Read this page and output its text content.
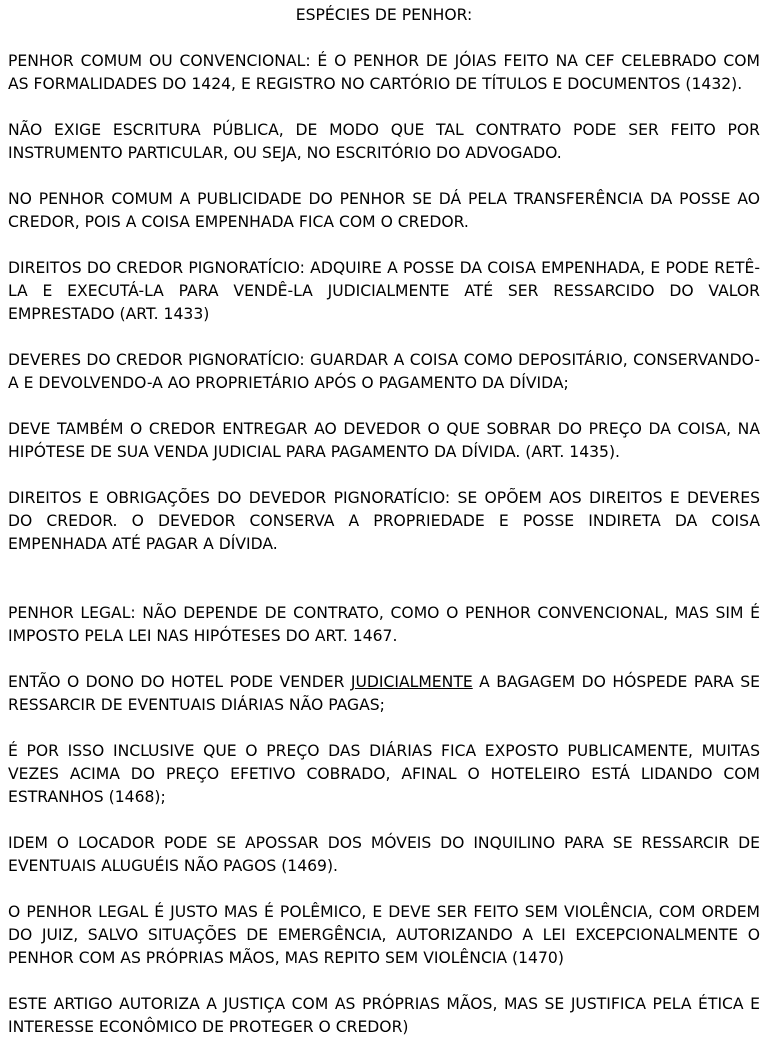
ESPÉCIES DE PENHOR:

PENHOR COMUM OU CONVENCIONAL: É O PENHOR DE JÓIAS FEITO NA CEF CELEBRADO COM AS FORMALIDADES DO 1424, E REGISTRO NO CARTÓRIO DE TÍTULOS E DOCUMENTOS (1432).

NÃO EXIGE ESCRITURA PÚBLICA, DE MODO QUE TAL CONTRATO PODE SER FEITO POR INSTRUMENTO PARTICULAR, OU SEJA, NO ESCRITÓRIO DO ADVOGADO.

NO PENHOR COMUM A PUBLICIDADE DO PENHOR SE DÁ PELA TRANSFERÊNCIA DA POSSE AO CREDOR, POIS A COISA EMPENHADA FICA COM O CREDOR.

DIREITOS DO CREDOR PIGNORATÍCIO: ADQUIRE A POSSE DA COISA EMPENHADA, E PODE RETÊ-LA E EXECUTÁ-LA PARA VENDÊ-LA JUDICIALMENTE ATÉ SER RESSARCIDO DO VALOR EMPRESTADO (ART. 1433)

DEVERES DO CREDOR PIGNORATÍCIO: GUARDAR A COISA COMO DEPOSITÁRIO, CONSERVANDO-A E DEVOLVENDO-A AO PROPRIETÁRIO APÓS O PAGAMENTO DA DÍVIDA;

DEVE TAMBÉM O CREDOR ENTREGAR AO DEVEDOR O QUE SOBRAR DO PREÇO DA COISA, NA HIPÓTESE DE SUA VENDA JUDICIAL PARA PAGAMENTO DA DÍVIDA. (ART. 1435).

DIREITOS E OBRIGAÇÕES DO DEVEDOR PIGNORATÍCIO: SE OPÕEM AOS DIREITOS E DEVERES DO CREDOR. O DEVEDOR CONSERVA A PROPRIEDADE E POSSE INDIRETA DA COISA EMPENHADA ATÉ PAGAR A DÍVIDA.

PENHOR LEGAL: NÃO DEPENDE DE CONTRATO, COMO O PENHOR CONVENCIONAL, MAS SIM É IMPOSTO PELA LEI NAS HIPÓTESES DO ART. 1467.

ENTÃO O DONO DO HOTEL PODE VENDER JUDICIALMENTE A BAGAGEM DO HÓSPEDE PARA SE RESSARCIR DE EVENTUAIS DIÁRIAS NÃO PAGAS;

É POR ISSO INCLUSIVE QUE O PREÇO DAS DIÁRIAS FICA EXPOSTO PUBLICAMENTE, MUITAS VEZES ACIMA DO PREÇO EFETIVO COBRADO, AFINAL O HOTELEIRO ESTÁ LIDANDO COM ESTRANHOS (1468);

IDEM O LOCADOR PODE SE APOSSAR DOS MÓVEIS DO INQUILINO PARA SE RESSARCIR DE EVENTUAIS ALUGUÉIS NÃO PAGOS (1469).

O PENHOR LEGAL É JUSTO MAS É POLÊMICO, E DEVE SER FEITO SEM VIOLÊNCIA, COM ORDEM DO JUIZ, SALVO SITUAÇÕES DE EMERGÊNCIA, AUTORIZANDO A LEI EXCEPCIONALMENTE O PENHOR COM AS PRÓPRIAS MÃOS, MAS REPITO SEM VIOLÊNCIA (1470)

ESTE ARTIGO AUTORIZA A JUSTIÇA COM AS PRÓPRIAS MÃOS, MAS SE JUSTIFICA PELA ÉTICA E INTERESSE ECONÔMICO DE PROTEGER O CREDOR)
